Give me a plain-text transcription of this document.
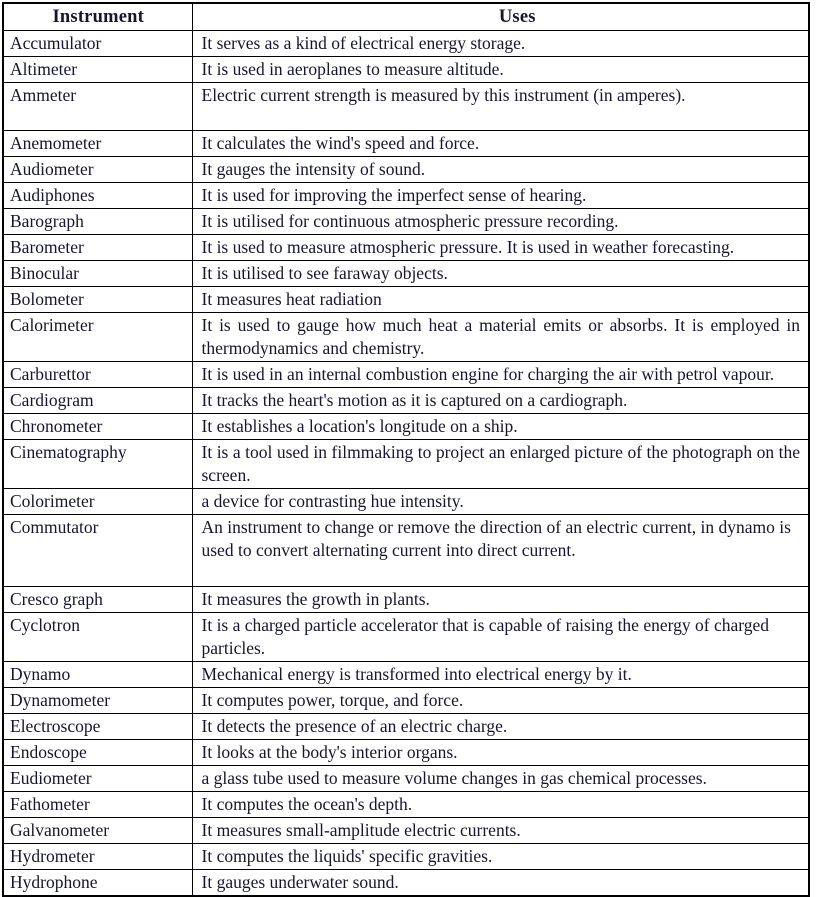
Instrument	Uses
Accumulator	It serves as a kind of electrical energy storage.
Altimeter	It is used in aeroplanes to measure altitude.
Ammeter	Electric current strength is measured by this instrument (in amperes).
Anemometer	It calculates the wind's speed and force.
Audiometer	It gauges the intensity of sound.
Audiphones	It is used for improving the imperfect sense of hearing.
Barograph	It is utilised for continuous atmospheric pressure recording.
Barometer	It is used to measure atmospheric pressure. It is used in weather forecasting.
Binocular	It is utilised to see faraway objects.
Bolometer	It measures heat radiation
Calorimeter	It is used to gauge how much heat a material emits or absorbs. It is employed in thermodynamics and chemistry.
Carburettor	It is used in an internal combustion engine for charging the air with petrol vapour.
Cardiogram	It tracks the heart's motion as it is captured on a cardiograph.
Chronometer	It establishes a location's longitude on a ship.
Cinematography	It is a tool used in filmmaking to project an enlarged picture of the photograph on the screen.
Colorimeter	a device for contrasting hue intensity.
Commutator	An instrument to change or remove the direction of an electric current, in dynamo is used to convert alternating current into direct current.
Cresco graph	It measures the growth in plants.
Cyclotron	It is a charged particle accelerator that is capable of raising the energy of charged particles.
Dynamo	Mechanical energy is transformed into electrical energy by it.
Dynamometer	It computes power, torque, and force.
Electroscope	It detects the presence of an electric charge.
Endoscope	It looks at the body's interior organs.
Eudiometer	a glass tube used to measure volume changes in gas chemical processes.
Fathometer	It computes the ocean's depth.
Galvanometer	It measures small-amplitude electric currents.
Hydrometer	It computes the liquids' specific gravities.
Hydrophone	It gauges underwater sound.
